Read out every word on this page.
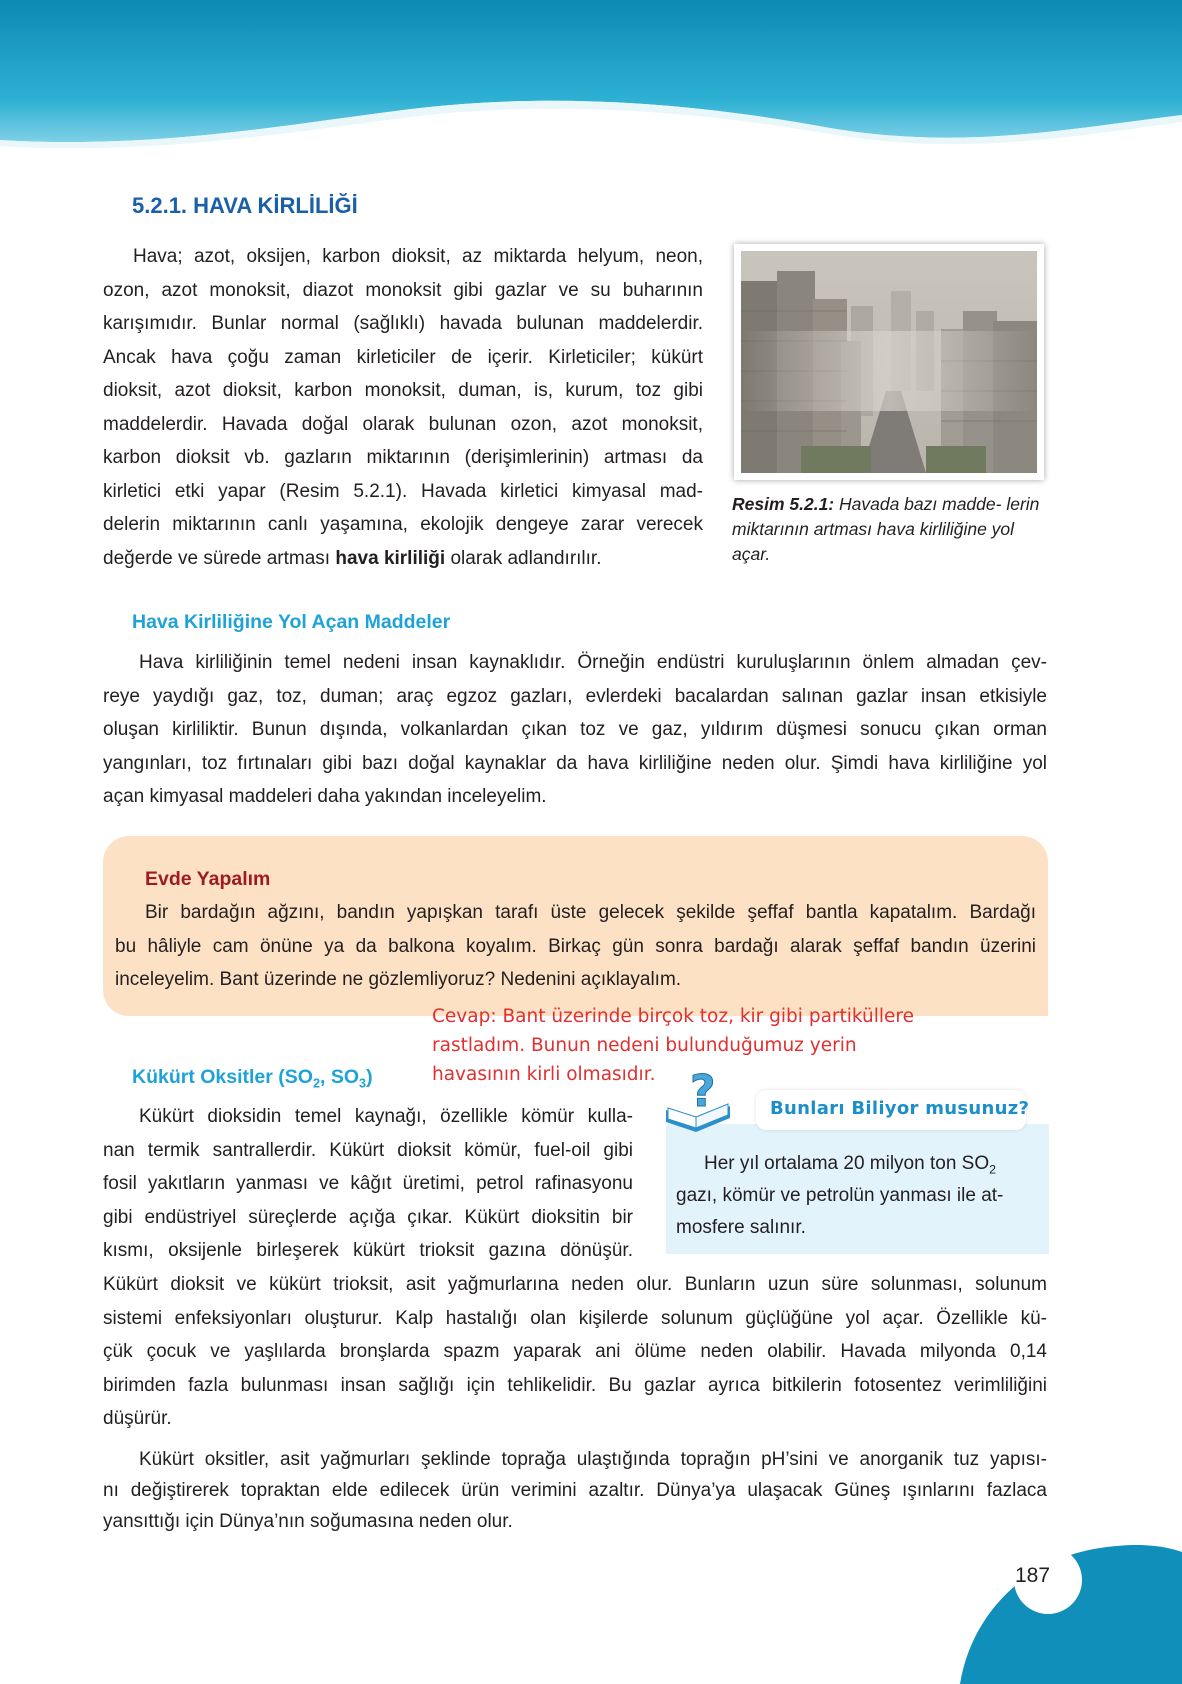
5.2.1. HAVA KİRLİLİĞİ
Hava; azot, oksijen, karbon dioksit, az miktarda helyum, neon,
ozon, azot monoksit, diazot monoksit gibi gazlar ve su buharının
karışımıdır. Bunlar normal (sağlıklı) havada bulunan maddelerdir.
Ancak hava çoğu zaman kirleticiler de içerir. Kirleticiler; kükürt
dioksit, azot dioksit, karbon monoksit, duman, is, kurum, toz gibi
maddelerdir. Havada doğal olarak bulunan ozon, azot monoksit,
karbon dioksit vb. gazların miktarının (derişimlerinin) artması da
kirletici etki yapar (Resim 5.2.1). Havada kirletici kimyasal mad-
delerin miktarının canlı yaşamına, ekolojik dengeye zarar verecek
değerde ve sürede artması hava kirliliği olarak adlandırılır.
Resim 5.2.1: Havada bazı madde- lerin miktarının artması hava kirliliğine yol açar.
Hava Kirliliğine Yol Açan Maddeler
Hava kirliliğinin temel nedeni insan kaynaklıdır. Örneğin endüstri kuruluşlarının önlem almadan çev-
reye yaydığı gaz, toz, duman; araç egzoz gazları, evlerdeki bacalardan salınan gazlar insan etkisiyle
oluşan kirliliktir. Bunun dışında, volkanlardan çıkan toz ve gaz, yıldırım düşmesi sonucu çıkan orman
yangınları, toz fırtınaları gibi bazı doğal kaynaklar da hava kirliliğine neden olur. Şimdi hava kirliliğine yol
açan kimyasal maddeleri daha yakından inceleyelim.
Evde Yapalım
Bir bardağın ağzını, bandın yapışkan tarafı üste gelecek şekilde şeffaf bantla kapatalım. Bardağı
bu hâliyle cam önüne ya da balkona koyalım. Birkaç gün sonra bardağı alarak şeffaf bandın üzerini
inceleyelim. Bant üzerinde ne gözlemliyoruz? Nedenini açıklayalım.
Cevap: Bant üzerinde birçok toz, kir gibi partiküllere
rastladım. Bunun nedeni bulunduğumuz yerin
havasının kirli olmasıdır.
Kükürt Oksitler ($SO_2$, $SO_3$)	?	Bunları Biliyor musunuz?
Her yıl ortalama 20 milyon ton $SO_2$
gazı, kömür ve petrolün yanması ile at-
mosfere salınır.
Kükürt dioksidin temel kaynağı, özellikle kömür kulla-
nan termik santrallerdir. Kükürt dioksit kömür, fuel-oil gibi
fosil yakıtların yanması ve kâğıt üretimi, petrol rafinasyonu
gibi endüstriyel süreçlerde açığa çıkar. Kükürt dioksitin bir
kısmı, oksijenle birleşerek kükürt trioksit gazına dönüşür.
Kükürt dioksit ve kükürt trioksit, asit yağmurlarına neden olur. Bunların uzun süre solunması, solunum
sistemi enfeksiyonları oluşturur. Kalp hastalığı olan kişilerde solunum güçlüğüne yol açar. Özellikle kü-
çük çocuk ve yaşlılarda bronşlarda spazm yaparak ani ölüme neden olabilir. Havada milyonda 0,14
birimden fazla bulunması insan sağlığı için tehlikelidir. Bu gazlar ayrıca bitkilerin fotosentez verimliliğini
düşürür.
Kükürt oksitler, asit yağmurları şeklinde toprağa ulaştığında toprağın pH’sini ve anorganik tuz yapısı-
nı değiştirerek topraktan elde edilecek ürün verimini azaltır. Dünya’ya ulaşacak Güneş ışınlarını fazlaca
yansıttığı için Dünya’nın soğumasına neden olur.
187
